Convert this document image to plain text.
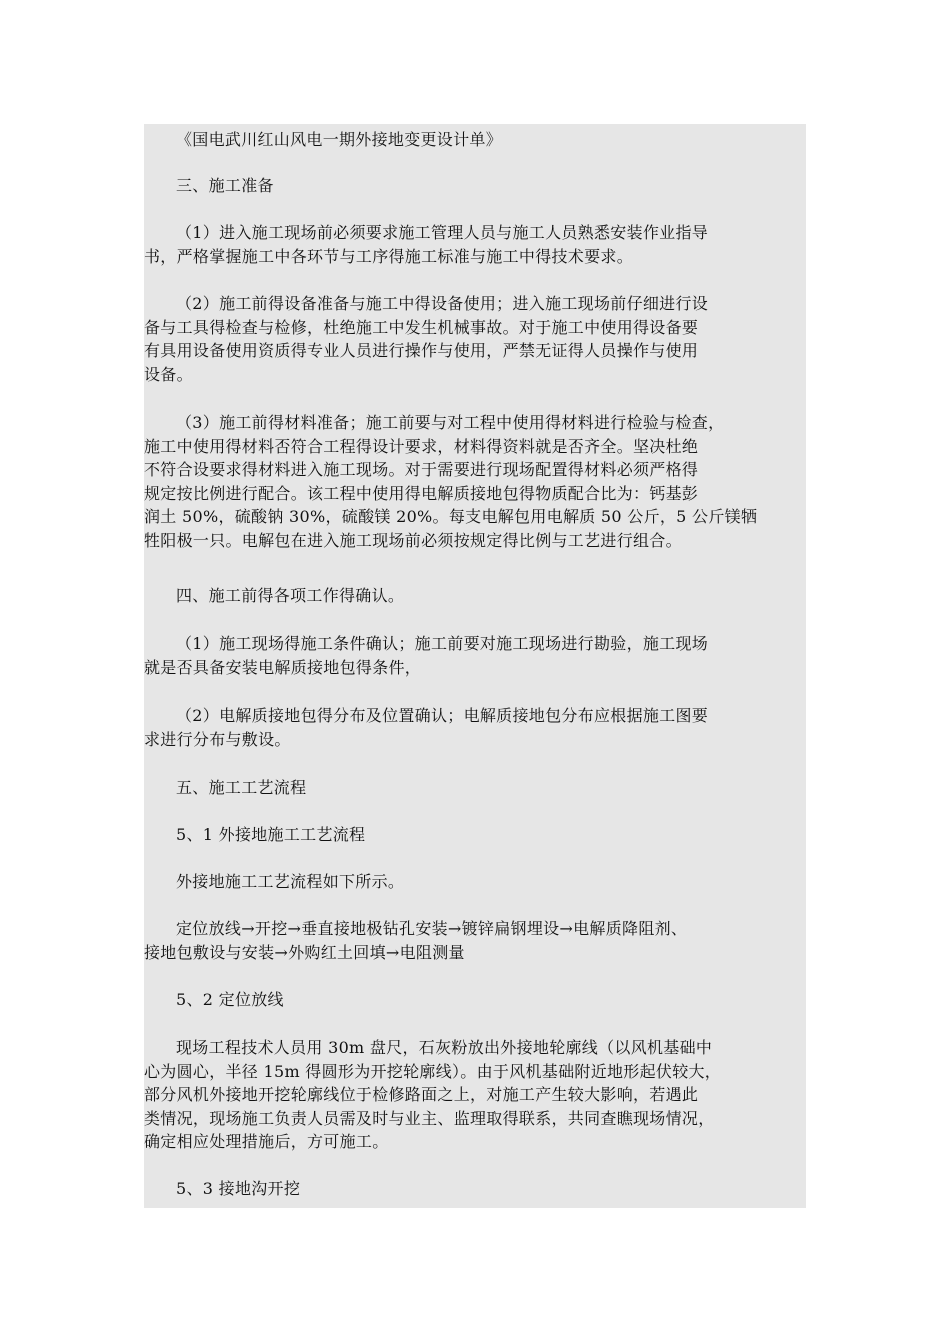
《国电武川红山风电一期外接地变更设计单》
三、施工准备
（1）进入施工现场前必须要求施工管理人员与施工人员熟悉安装作业指导
书，严格掌握施工中各环节与工序得施工标准与施工中得技术要求。
（2）施工前得设备准备与施工中得设备使用；进入施工现场前仔细进行设
备与工具得检查与检修，杜绝施工中发生机械事故。对于施工中使用得设备要
有具用设备使用资质得专业人员进行操作与使用，严禁无证得人员操作与使用
设备。
（3）施工前得材料准备；施工前要与对工程中使用得材料进行检验与检查，
施工中使用得材料否符合工程得设计要求，材料得资料就是否齐全。坚决杜绝
不符合设要求得材料进入施工现场。对于需要进行现场配置得材料必须严格得
规定按比例进行配合。该工程中使用得电解质接地包得物质配合比为：钙基彭
润土 50%，硫酸钠 30%，硫酸镁 20%。每支电解包用电解质 50 公斤，5 公斤镁牺
牲阳极一只。电解包在进入施工现场前必须按规定得比例与工艺进行组合。
四、施工前得各项工作得确认。
（1）施工现场得施工条件确认；施工前要对施工现场进行勘验，施工现场
就是否具备安装电解质接地包得条件，
（2）电解质接地包得分布及位置确认；电解质接地包分布应根据施工图要
求进行分布与敷设。
五、施工工艺流程
5、1 外接地施工工艺流程
外接地施工工艺流程如下所示。
定位放线→开挖→垂直接地极钻孔安装→镀锌扁钢埋设→电解质降阻剂、
接地包敷设与安装→外购红土回填→电阻测量
5、2 定位放线
现场工程技术人员用 30m 盘尺，石灰粉放出外接地轮廓线（以风机基础中
心为圆心，半径 15m 得圆形为开挖轮廓线）。由于风机基础附近地形起伏较大，
部分风机外接地开挖轮廓线位于检修路面之上，对施工产生较大影响，若遇此
类情况，现场施工负责人员需及时与业主、监理取得联系，共同查瞧现场情况，
确定相应处理措施后，方可施工。
5、3 接地沟开挖
